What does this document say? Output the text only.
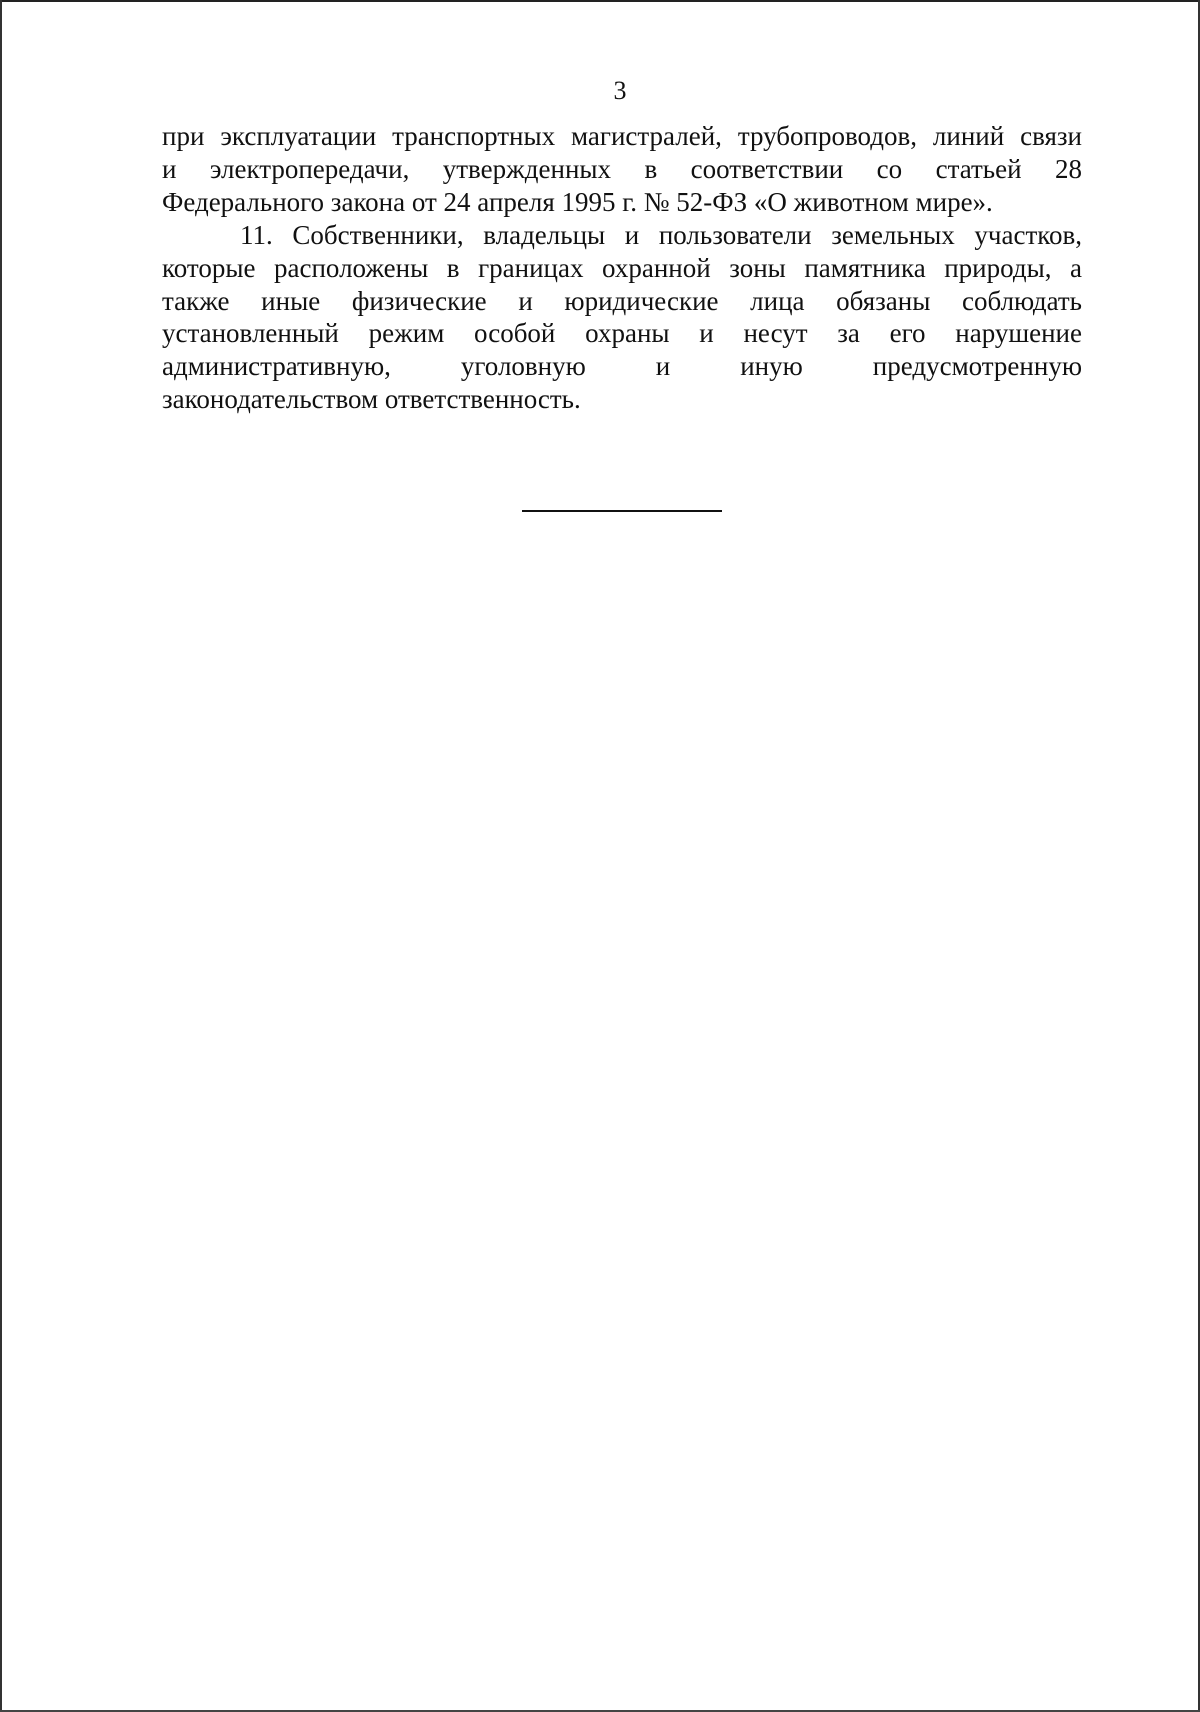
3
при эксплуатации транспортных магистралей, трубопроводов, линий связи
и электропередачи, утвержденных в соответствии со статьей 28
Федерального закона от 24 апреля 1995 г. № 52-ФЗ «О животном мире».
11. Собственники, владельцы и пользователи земельных участков,
которые расположены в границах охранной зоны памятника природы, а
также иные физические и юридические лица обязаны соблюдать
установленный режим особой охраны и несут за его нарушение
административную, уголовную и иную предусмотренную
законодательством ответственность.
